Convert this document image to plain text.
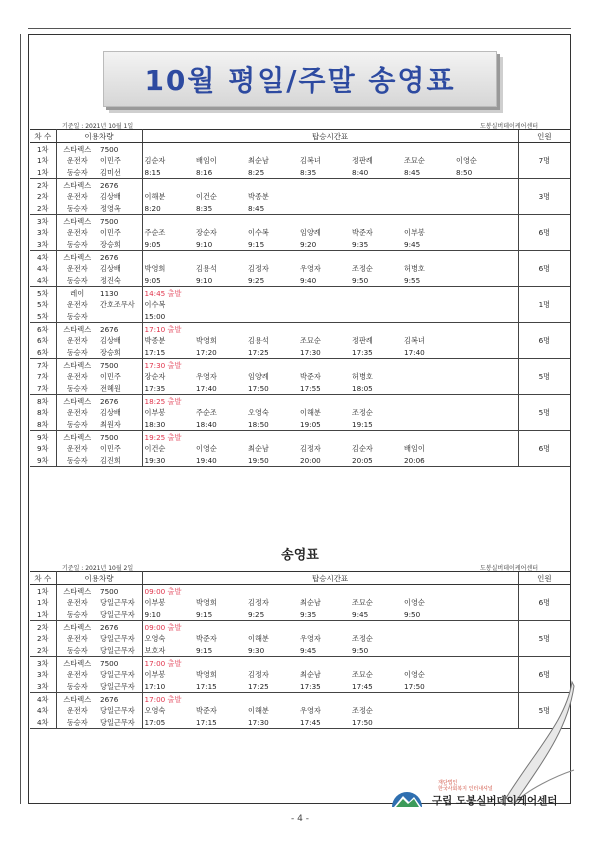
10월 평일/주말 송영표
기준일 : 2021년 10월 1일	도봉실버데이케어센터
차 수	이용차량		탑승시간표								인원
1차	스타렉스	7500									
1차	운전자	이민주	김순자	배임이	최순남	김복녀	정판례	조묘순	이영순		7명
1차	동승자	김미선	8:15	8:16	8:25	8:35	8:40	8:45	8:50		
2차	스타렉스	2676									
2차	운전자	김상배	이해분	이건순	박종분						3명
2차	동승자	정영옥	8:20	8:35	8:45						
3차	스타렉스	7500									
3차	운전자	이민주	주순조	장순자	이수복	임양례	박준자	이부봉			6명
3차	동승자	장승희	9:05	9:10	9:15	9:20	9:35	9:45			
4차	스타렉스	2676									
4차	운전자	김상배	박영희	김용석	김정자	우영자	조정순	허병호			6명
4차	동승자	정진숙	9:05	9:10	9:25	9:40	9:50	9:55			
5차	레이	1130	14:45 출발								
5차	운전자	간호조무사	이수복								1명
5차	동승자		15:00								
6차	스타렉스	2676	17:10 출발								
6차	운전자	김상배	박종분	박영희	김용석	조묘순	정판례	김복녀			6명
6차	동승자	장승희	17:15	17:20	17:25	17:30	17:35	17:40			
7차	스타렉스	7500	17:30 출발								
7차	운전자	이민주	장순자	우영자	임양례	박준자	허병호				5명
7차	동승자	전혜원	17:35	17:40	17:50	17:55	18:05				
8차	스타렉스	2676	18:25 출발								
8차	운전자	김상배	이부봉	주순조	오영숙	이해분	조정순				5명
8차	동승자	최원자	18:30	18:40	18:50	19:05	19:15				
9차	스타렉스	7500	19:25 출발								
9차	운전자	이민주	이건순	이영순	최순남	김정자	김순자	배임이			6명
9차	동승자	김진희	19:30	19:40	19:50	20:00	20:05	20:06			
송영표
기준일 : 2021년 10월 2일	도봉실버데이케어센터
차 수	이용차량		탑승시간표								인원
1차	스타렉스	7500	09:00 출발								
1차	운전자	당일근무자	이부봉	박영희	김정자	최순남	조묘순	이영순			6명
1차	동승자	당일근무자	9:10	9:15	9:25	9:35	9:45	9:50			
2차	스타렉스	2676	09:00 출발								
2차	운전자	당일근무자	오영숙	박준자	이해분	우영자	조정순				5명
2차	동승자	당일근무자	보호자	9:15	9:30	9:45	9:50				
3차	스타렉스	7500	17:00 출발								
3차	운전자	당일근무자	이부봉	박영희	김정자	최순남	조묘순	이영순			6명
3차	동승자	당일근무자	17:10	17:15	17:25	17:35	17:45	17:50			
4차	스타렉스	2676	17:00 출발								
4차	운전자	당일근무자	오영숙	박준자	이해분	우영자	조정순				5명
4차	동승자	당일근무자	17:05	17:15	17:30	17:45	17:50				
재단법인
한국사회복지 인터내셔널
구립 도봉실버데이케어센터
- 4 -
